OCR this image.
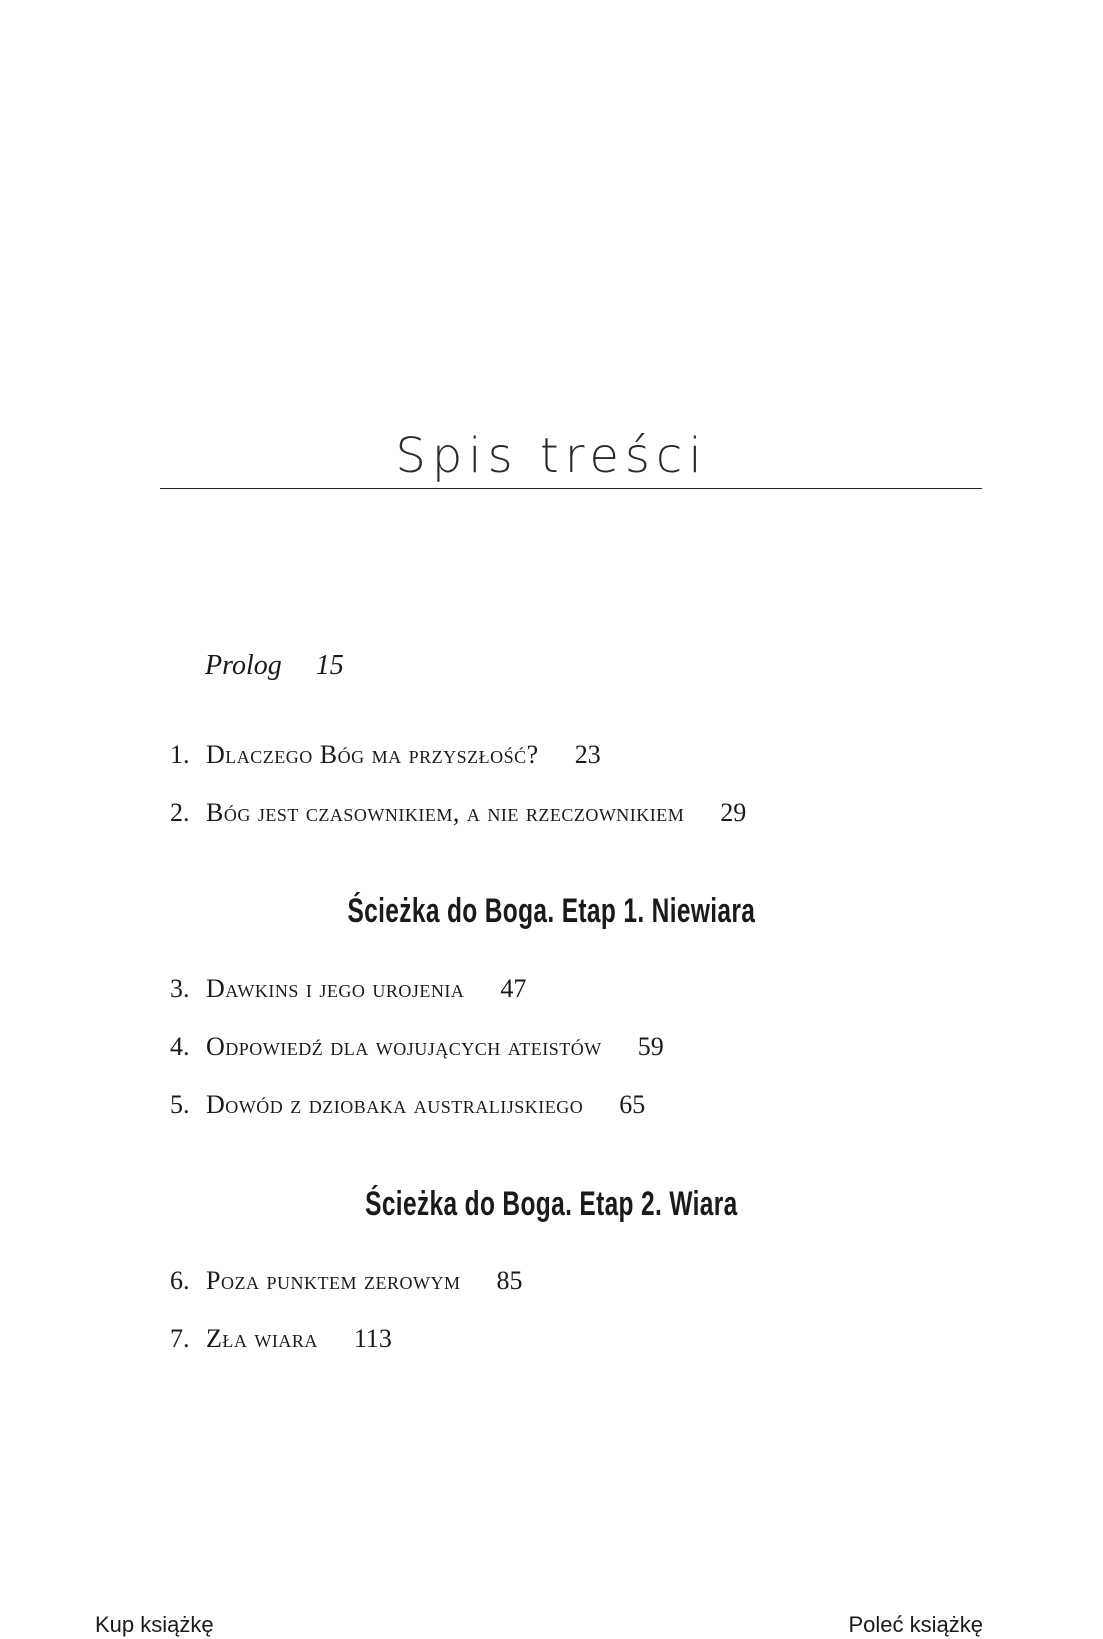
Spis treści
Prolog 15
1. Dlaczego Bóg ma przyszłość? 23
2. Bóg jest czasownikiem, a nie rzeczownikiem 29
Ścieżka do Boga. Etap 1. Niewiara
3. Dawkins i jego urojenia 47
4. Odpowiedź dla wojujących ateistów 59
5. Dowód z dziobaka australijskiego 65
Ścieżka do Boga. Etap 2. Wiara
6. Poza punktem zerowym 85
7. Zła wiara 113
Kup książkę	Poleć książkę
